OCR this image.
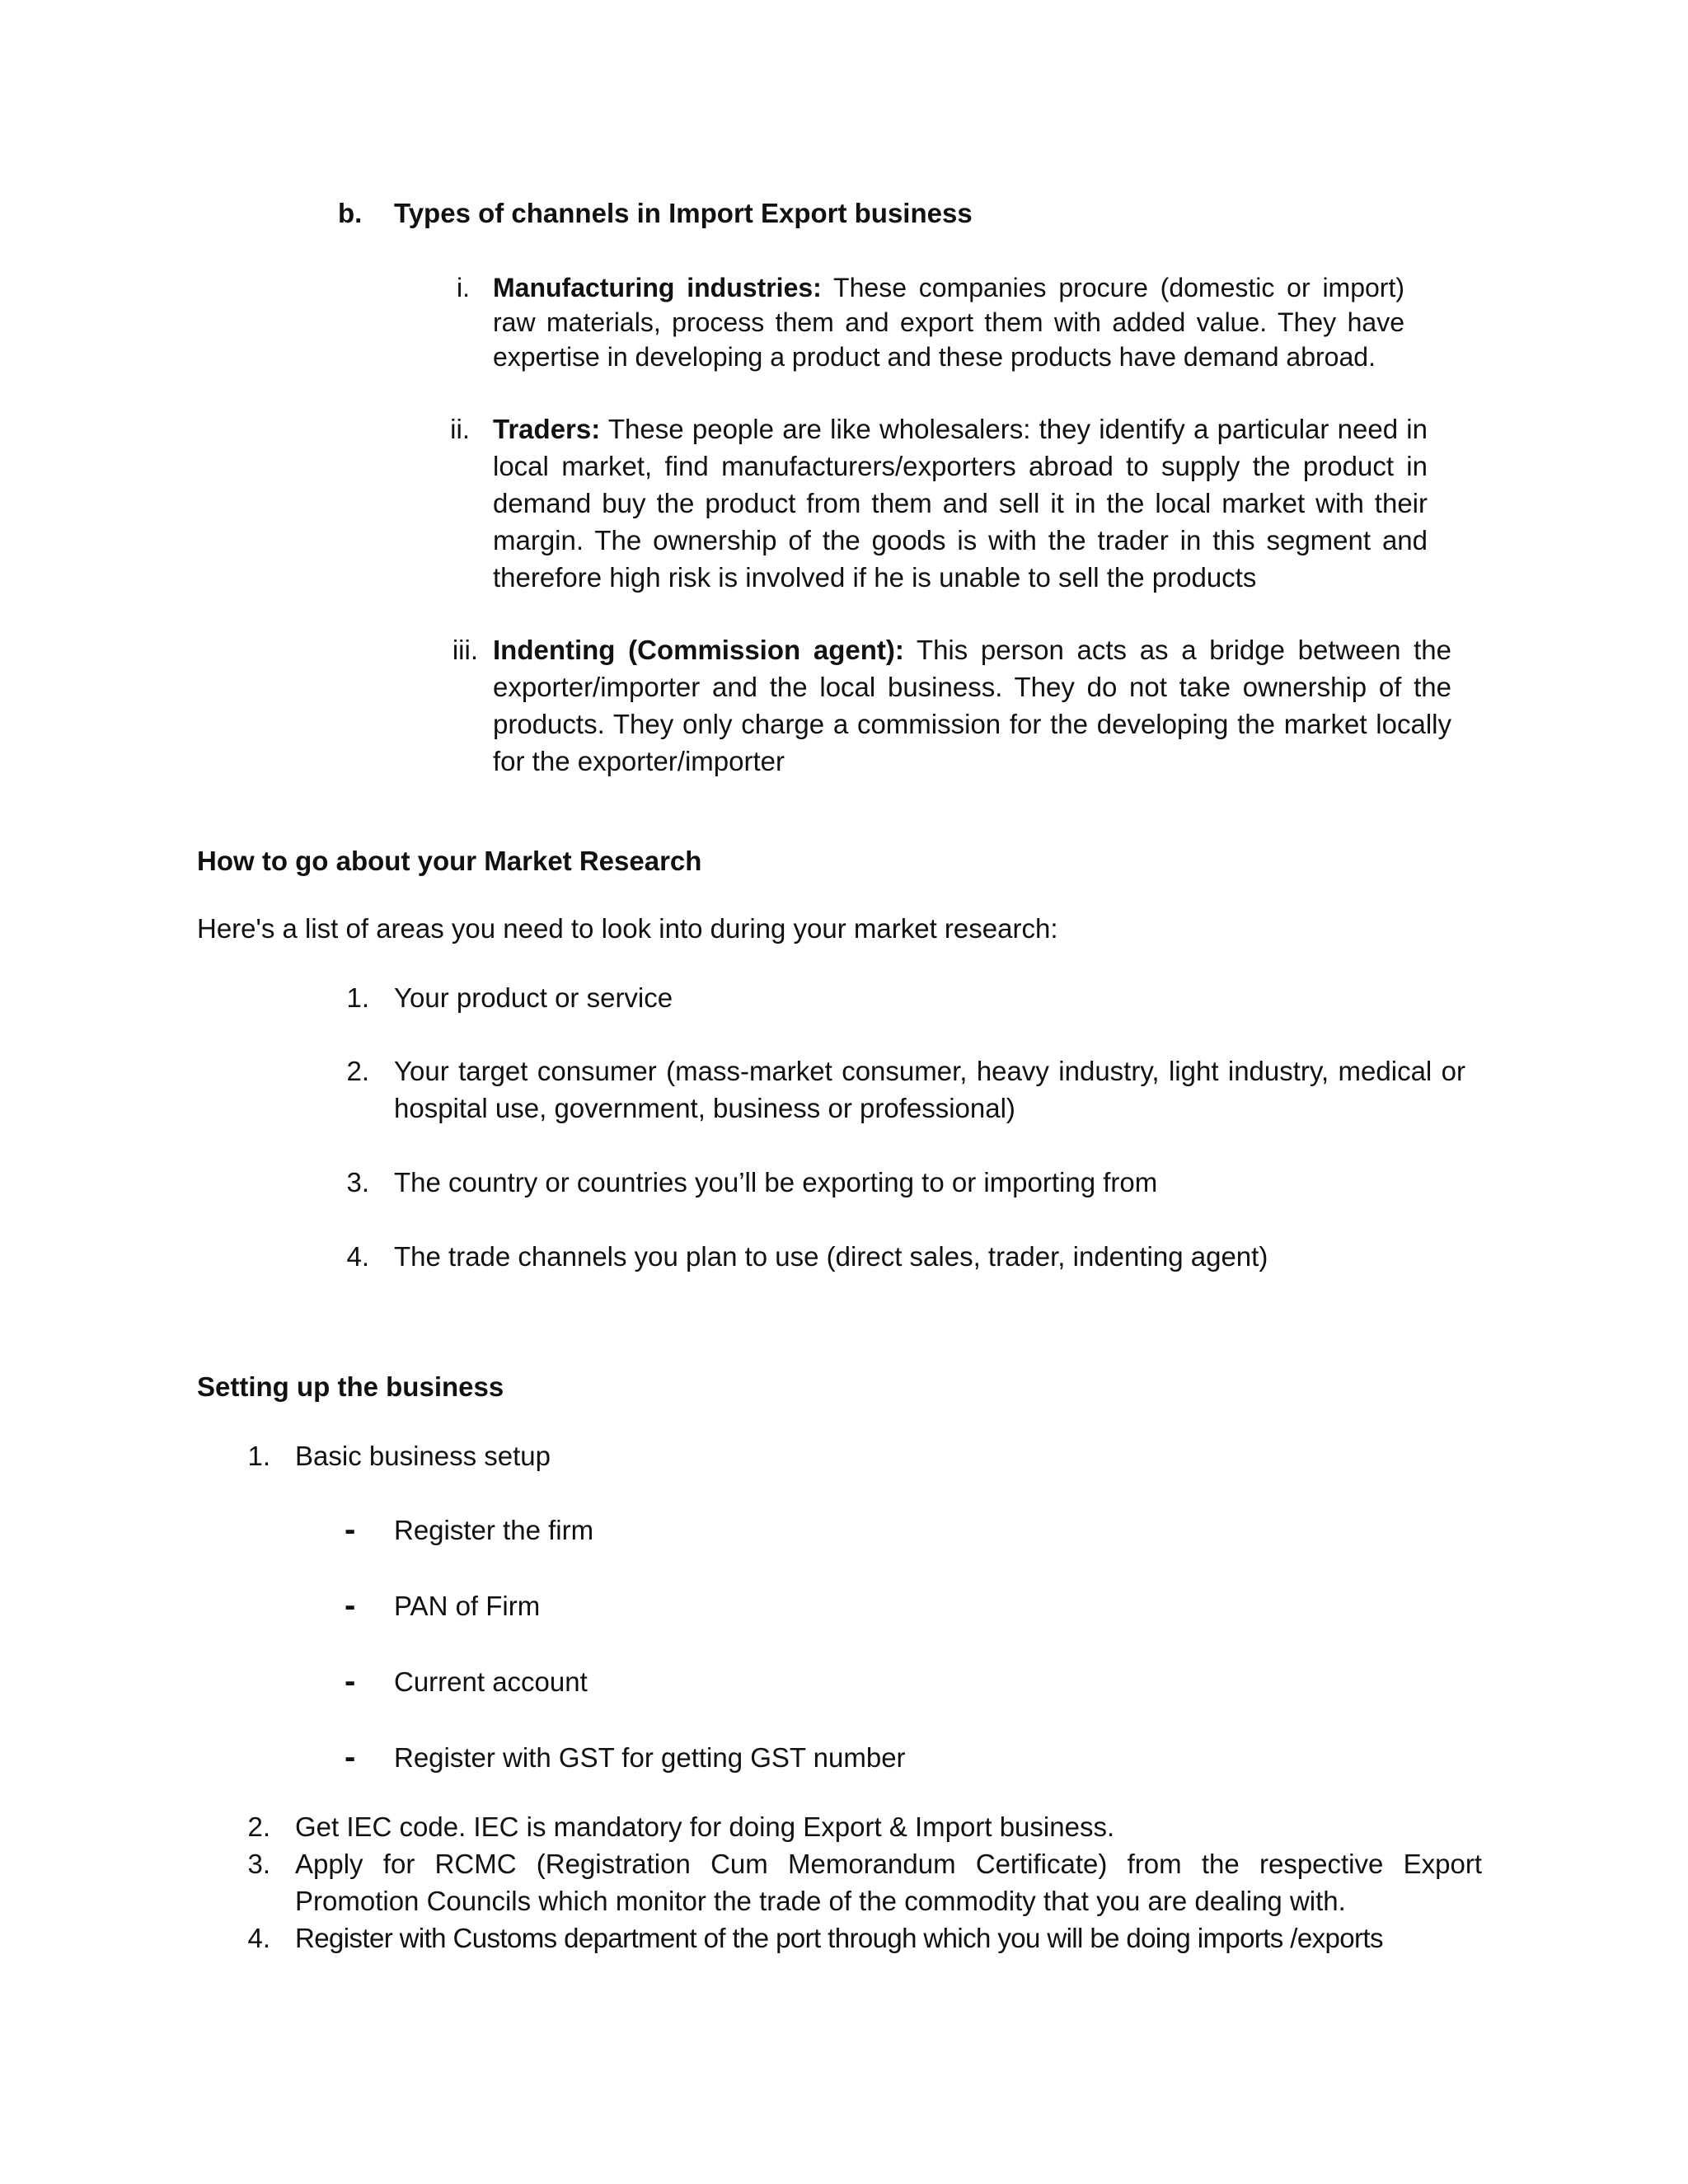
b.	Types of channels in Import Export business
i. Manufacturing industries: These companies procure (domestic or import) raw materials, process them and export them with added value. They have expertise in developing a product and these products have demand abroad.

ii. Traders: These people are like wholesalers: they identify a particular need in local market, find manufacturers/exporters abroad to supply the product in demand buy the product from them and sell it in the local market with their margin. The ownership of the goods is with the trader in this segment and therefore high risk is involved if he is unable to sell the products

iii. Indenting (Commission agent): This person acts as a bridge between the exporter/importer and the local business. They do not take ownership of the products. They only charge a commission for the developing the market locally for the exporter/importer

How to go about your Market Research
Here's a list of areas you need to look into during your market research:
1. Your product or service
2. Your target consumer (mass-market consumer, heavy industry, light industry, medical or hospital use, government, business or professional)

3. The country or countries you’ll be exporting to or importing from
4. The trade channels you plan to use (direct sales, trader, indenting agent)
Setting up the business
1. Basic business setup
- Register the firm
- PAN of Firm
- Current account
- Register with GST for getting GST number
2. Get IEC code. IEC is mandatory for doing Export & Import business.
3. Apply for RCMC (Registration Cum Memorandum Certificate) from the respective Export Promotion Councils which monitor the trade of the commodity that you are dealing with.

4. Register with Customs department of the port through which you will be doing imports /exports
